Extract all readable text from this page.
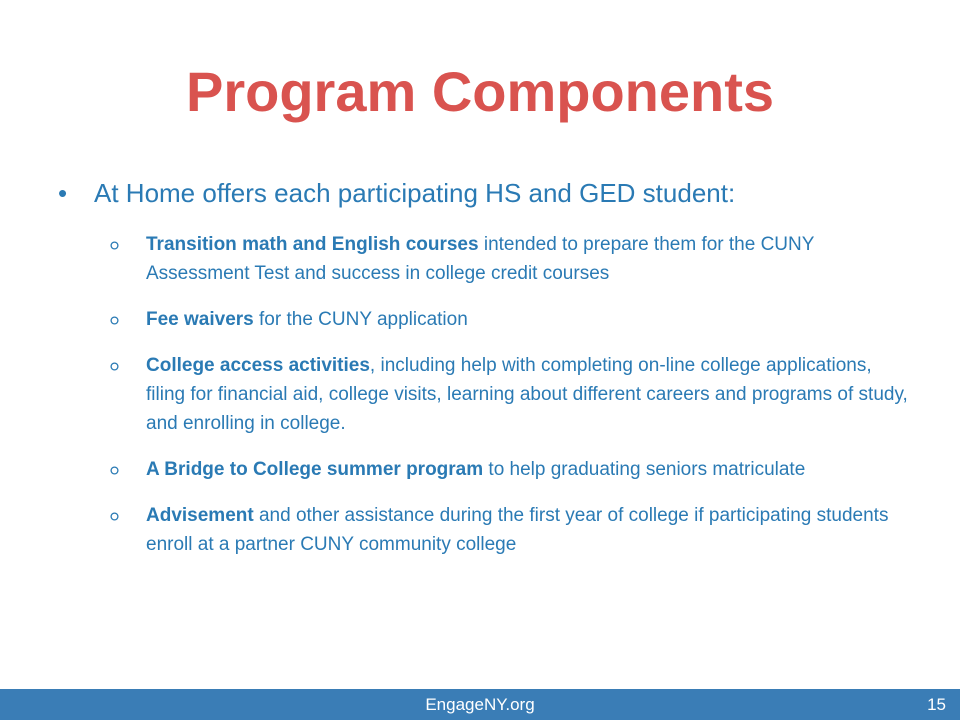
Program Components
•	At Home offers each participating HS and GED student:
Transition math and English courses intended to prepare them for the CUNY Assessment Test and success in college credit courses
Fee waivers for the CUNY application
College access activities, including help with completing on-line college applications, filing for financial aid, college visits, learning about different careers and programs of study, and enrolling in college.
A Bridge to College summer program to help graduating seniors matriculate
Advisement and other assistance during the first year of college if participating students enroll at a partner CUNY community college
EngageNY.org	15
